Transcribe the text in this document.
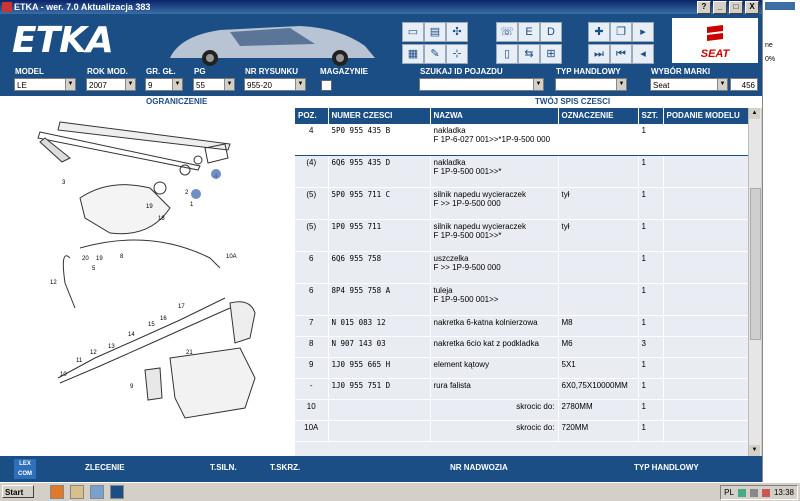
ETKA - wer. 7.0 Aktualizacja 383	?	_	□	X
ETKA	▭	▤	✣
▦	✎	⊹
☏	E	D
▯	⇆	⊞
✚	❐	▸
⏭	⏮	◂	SEAT
MODEL
LE	▼
ROK MOD.
2007	▼
GR. GŁ.
9	▼
PG
55	▼
NR RYSUNKU
955-20	▼
MAGAZYNIE	SZUKAJ ID POJAZDU
▼
TYP HANDLOWY
▼
WYBÓR MARKI
Seat	▼	456
OGRANICZENIE	TWÓJ SPIS CZESCI
3
2
1
19
18
20 19
5
8
12
10A
17
16
15
14
13
12
11
10
21
9
POZ.	NUMER CZESCI	NAZWA	OZNACZENIE	SZT.	PODANIE MODELU
4	5P0 955 435 B	nakladka
F 1P-6-027 001>>*1P-9-500 000		1	
(4)	6Q6 955 435 D	nakladka
F 1P-9-500 001>>*		1	
(5)	5P0 955 711 C	silnik napedu wycieraczek
F >> 1P-9-500 000	tył	1	
(5)	1P0 955 711	silnik napedu wycieraczek
F 1P-9-500 001>>*	tył	1	
6	6Q6 955 758	uszczelka
F >> 1P-9-500 000		1	
6	8P4 955 758 A	tuleja
F 1P-9-500 001>>		1	
7	N 015 083 12	nakretka 6-katna kolnierzowa	M8	1	
8	N 907 143 03	nakretka 6cio kat z podkladka	M6	3	
9	1J0 955 665 H	element kątowy	5X1	1	
-	1J0 955 751 D	rura falista	6X0,75X10000MM	1	
10		skrocic do:	2780MM	1	
10A		skrocic do:	720MM	1	
▲
▼
LEX COM
ZLECENIE	T.SILN.	T.SKRZ.	NR NADWOZIA	TYP HANDLOWY
ne
0%
Start	PL	13:38
